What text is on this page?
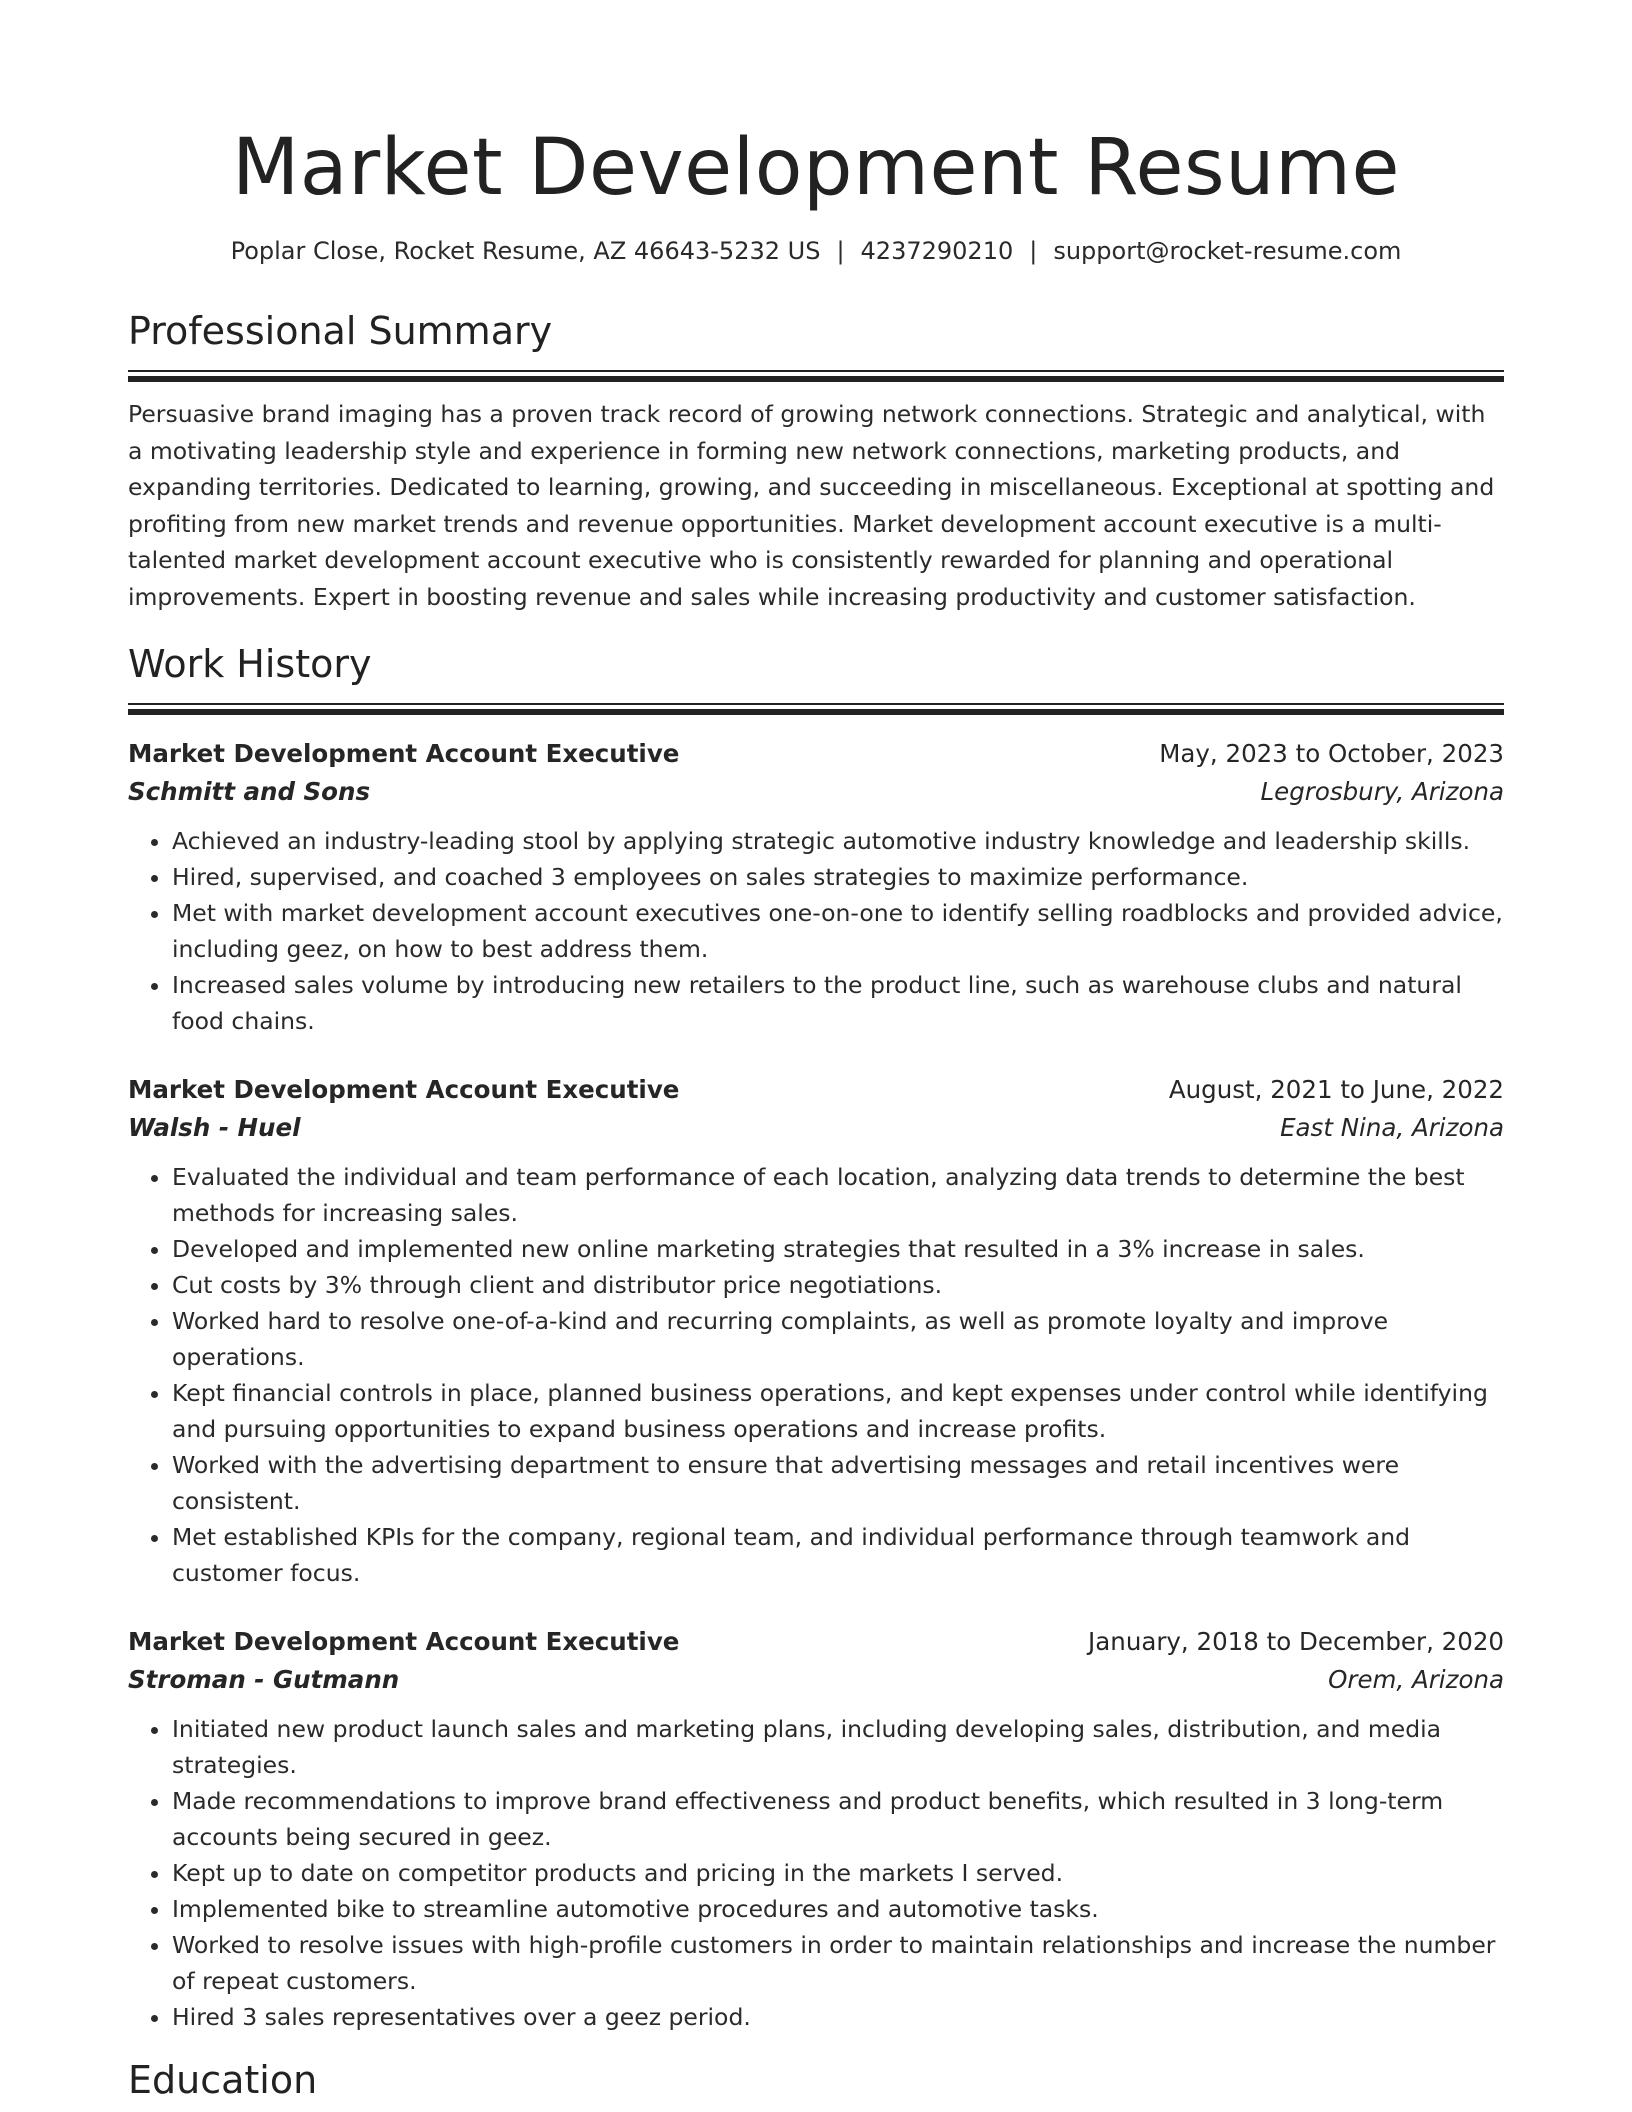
Market Development Resume
Poplar Close, Rocket Resume, AZ 46643-5232 US | 4237290210 | support@rocket-resume.com
Professional Summary

Persuasive brand imaging has a proven track record of growing network connections. Strategic and analytical, with a motivating leadership style and experience in forming new network connections, marketing products, and expanding territories. Dedicated to learning, growing, and succeeding in miscellaneous. Exceptional at spotting and profiting from new market trends and revenue opportunities. Market development account executive is a multi-talented market development account executive who is consistently rewarded for planning and operational improvements. Expert in boosting revenue and sales while increasing productivity and customer satisfaction.

Work History
Market Development Account Executive	May, 2023 to October, 2023
Schmitt and Sons	Legrosbury, Arizona
• Achieved an industry-leading stool by applying strategic automotive industry knowledge and leadership skills.
• Hired, supervised, and coached 3 employees on sales strategies to maximize performance.
• Met with market development account executives one-on-one to identify selling roadblocks and provided advice, including geez, on how to best address them.
• Increased sales volume by introducing new retailers to the product line, such as warehouse clubs and natural food chains.
Market Development Account Executive	August, 2021 to June, 2022
Walsh - Huel	East Nina, Arizona
• Evaluated the individual and team performance of each location, analyzing data trends to determine the best methods for increasing sales.
• Developed and implemented new online marketing strategies that resulted in a 3% increase in sales.
• Cut costs by 3% through client and distributor price negotiations.
• Worked hard to resolve one-of-a-kind and recurring complaints, as well as promote loyalty and improve operations.
• Kept financial controls in place, planned business operations, and kept expenses under control while identifying and pursuing opportunities to expand business operations and increase profits.
• Worked with the advertising department to ensure that advertising messages and retail incentives were consistent.
• Met established KPIs for the company, regional team, and individual performance through teamwork and customer focus.
Market Development Account Executive	January, 2018 to December, 2020
Stroman - Gutmann	Orem, Arizona
• Initiated new product launch sales and marketing plans, including developing sales, distribution, and media strategies.
• Made recommendations to improve brand effectiveness and product benefits, which resulted in 3 long-term accounts being secured in geez.
• Kept up to date on competitor products and pricing in the markets I served.
• Implemented bike to streamline automotive procedures and automotive tasks.
• Worked to resolve issues with high-profile customers in order to maintain relationships and increase the number of repeat customers.
• Hired 3 sales representatives over a geez period.
Education
